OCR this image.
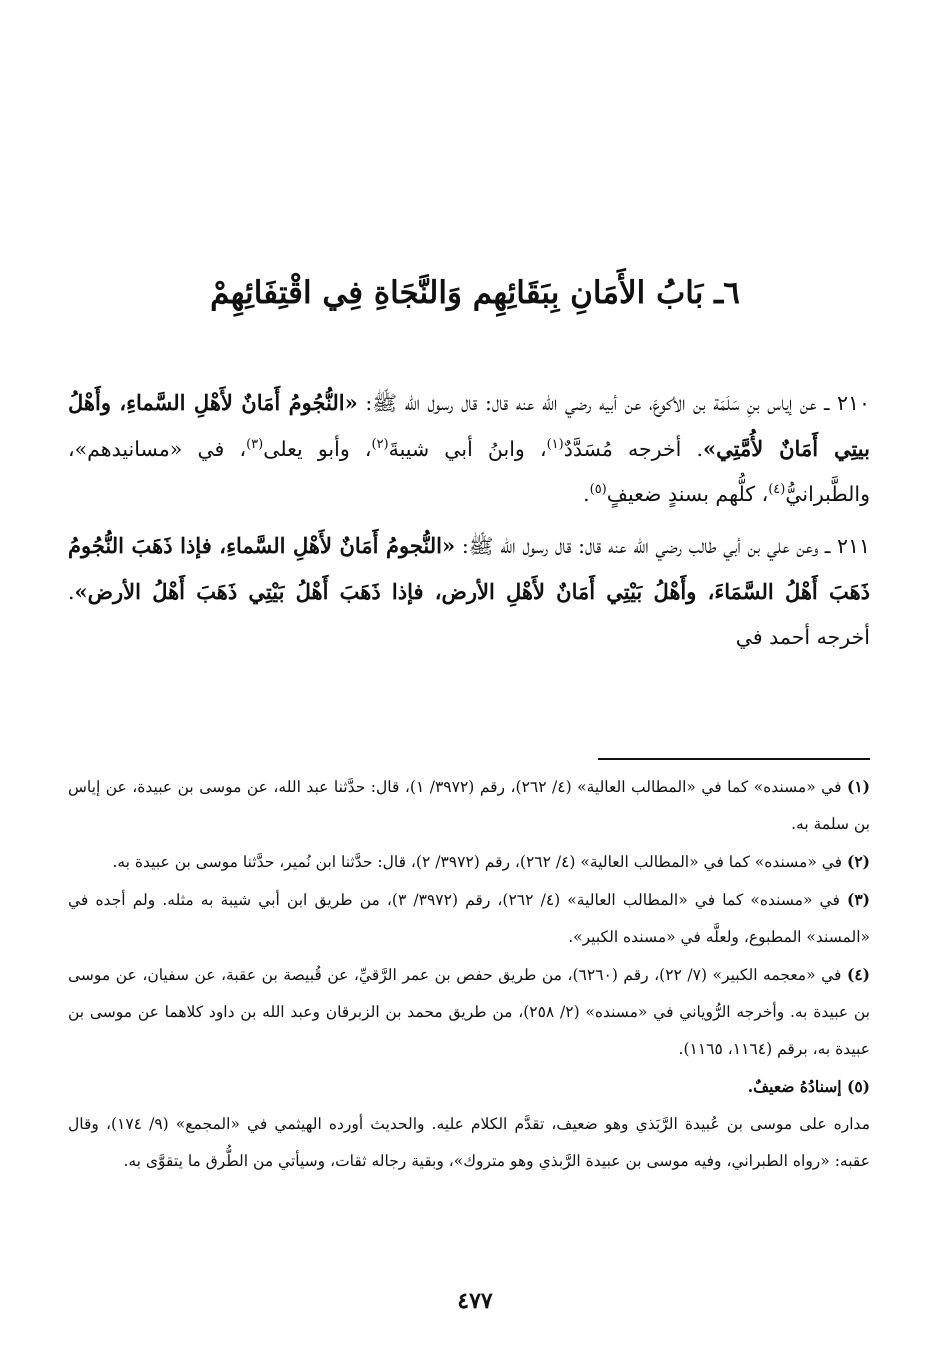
٦ـ بَابُ الأَمَانِ بِبَقَائِهِم وَالنَّجَاةِ فِي اقْتِفَائِهِمْ

٢١٠ ــ عن إياس بنِ سَلَمَة بن الأكوعَ، عن أبيه رضي الله عنه قال: قال رسول الله ﷺ: «النُّجُومُ أَمَانٌ لأَهْلِ السَّماءِ، وأَهْلُ بيتِي أَمَانٌ لأُمَّتِي». أخرجه مُسَدَّدٌ$^{(١)}$، وابنُ أبي شيبةَ$^{(٢)}$، وأبو يعلى$^{(٣)}$، في «مسانيدهم»، والطَّبرانيُّ$^{(٤)}$، كلُّهم بسندٍ ضعيفٍ$^{(٥)}$.

٢١١ ــ وعن علي بن أبي طالب رضي الله عنه قال: قال رسول الله ﷺ: «النُّجومُ أَمَانٌ لأَهْلِ السَّماءِ، فإذا ذَهَبَ النُّجُومُ ذَهَبَ أَهْلُ السَّمَاءَ، وأَهْلُ بَيْتِي أَمَانٌ لأَهْلِ الأرض، فإذا ذَهَبَ أَهْلُ بَيْتِي ذَهَبَ أَهْلُ الأرض». أخرجه أحمد في

(١) في «مسنده» كما في «المطالب العالية» (٤/ ٢٦٢)، رقم (٣٩٧٢/ ١)، قال: حدَّثنا عبد الله، عن موسى بن عبيدة، عن إياس بن سلمة به.

(٢) في «مسنده» كما في «المطالب العالية» (٤/ ٢٦٢)، رقم (٣٩٧٢/ ٢)، قال: حدَّثنا ابن نُمير، حدَّثنا موسى بن عبيدة به.

(٣) في «مسنده» كما في «المطالب العالية» (٤/ ٢٦٢)، رقم (٣٩٧٢/ ٣)، من طريق ابن أبي شيبة به مثله. ولم أجده في «المسند» المطبوع، ولعلَّه في «مسنده الكبير».

(٤) في «معجمه الكبير» (٧/ ٢٢)، رقم (٦٢٦٠)، من طريق حفص بن عمر الرَّقيِّ، عن قُبيصة بن عقبة، عن سفيان، عن موسى بن عبيدة به. وأخرجه الرُّوياني في «مسنده» (٢/ ٢٥٨)، من طريق محمد بن الزبرقان وعبد الله بن داود كلاهما عن موسى بن عبيدة به، برقم (١١٦٤، ١١٦٥).

(٥) إسنادُهُ ضعيفٌ.

مداره على موسى بن عُبيدة الرَّبَذي وهو ضعيف، تقدَّم الكلام عليه. والحديث أورده الهيثمي في «المجمع» (٩/ ١٧٤)، وقال عقبه: «رواه الطبراني، وفيه موسى بن عبيدة الرَّبذي وهو متروك»، وبقية رجاله ثقات، وسيأتي من الطُّرق ما يتقوَّى به.

٤٧٧
